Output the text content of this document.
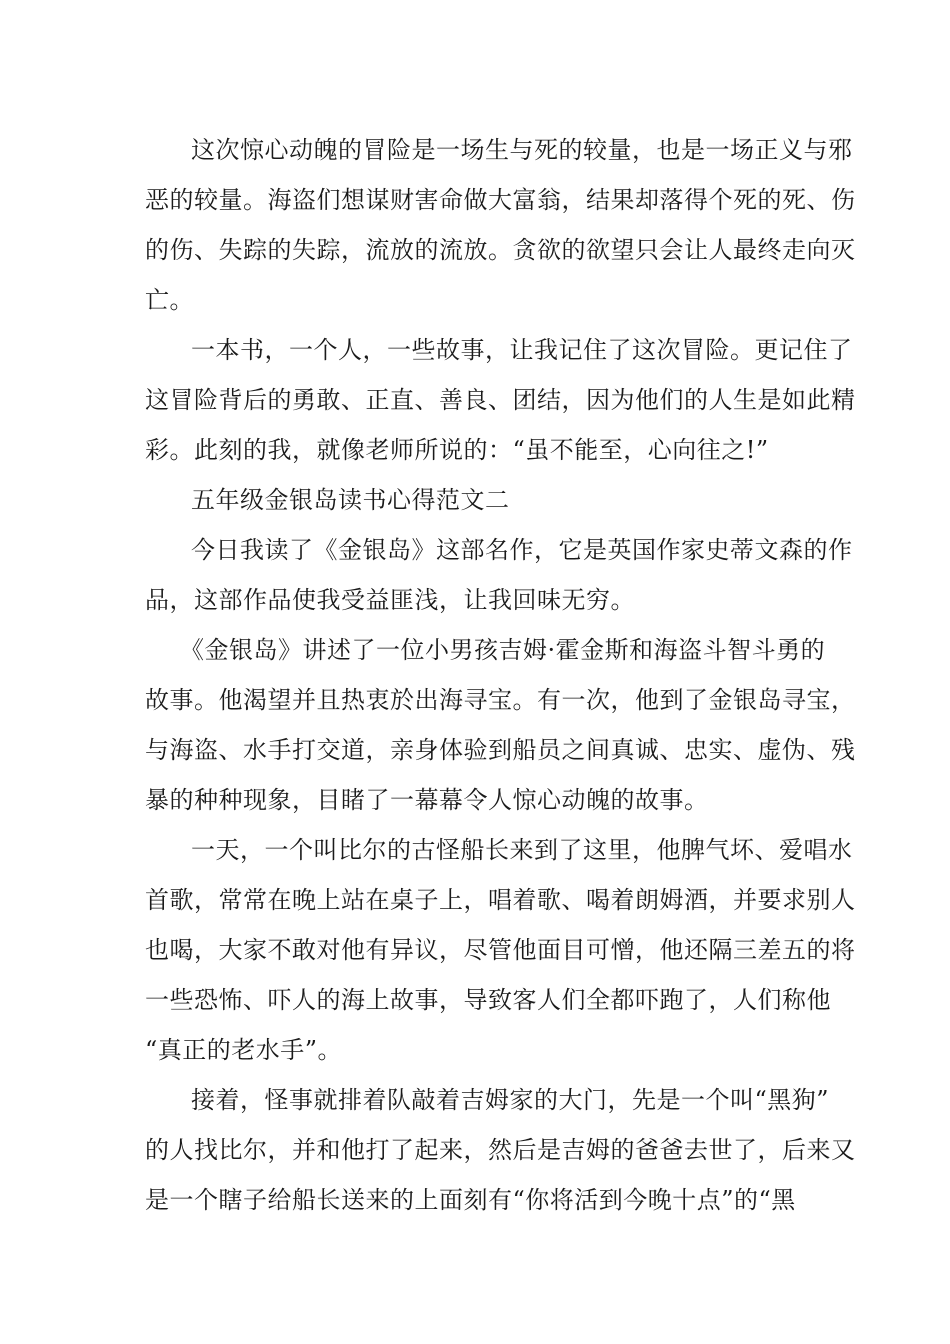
这次惊心动魄的冒险是一场生与死的较量，也是一场正义与邪
恶的较量。海盗们想谋财害命做大富翁，结果却落得个死的死、伤
的伤、失踪的失踪，流放的流放。贪欲的欲望只会让人最终走向灭
亡。
一本书，一个人，一些故事，让我记住了这次冒险。更记住了
这冒险背后的勇敢、正直、善良、团结，因为他们的人生是如此精
彩。此刻的我，就像老师所说的：“虽不能至，心向往之!”
五年级金银岛读书心得范文二
今日我读了《金银岛》这部名作，它是英国作家史蒂文森的作
品，这部作品使我受益匪浅，让我回味无穷。
《金银岛》讲述了一位小男孩吉姆·霍金斯和海盗斗智斗勇的
故事。他渴望并且热衷於出海寻宝。有一次，他到了金银岛寻宝，
与海盗、水手打交道，亲身体验到船员之间真诚、忠实、虚伪、残
暴的种种现象，目睹了一幕幕令人惊心动魄的故事。
一天，一个叫比尔的古怪船长来到了这里，他脾气坏、爱唱水
首歌，常常在晚上站在桌子上，唱着歌、喝着朗姆酒，并要求别人
也喝，大家不敢对他有异议，尽管他面目可憎，他还隔三差五的将
一些恐怖、吓人的海上故事，导致客人们全都吓跑了，人们称他
“真正的老水手”。
接着，怪事就排着队敲着吉姆家的大门，先是一个叫“黑狗”
的人找比尔，并和他打了起来，然后是吉姆的爸爸去世了，后来又
是一个瞎子给船长送来的上面刻有“你将活到今晚十点”的“黑
